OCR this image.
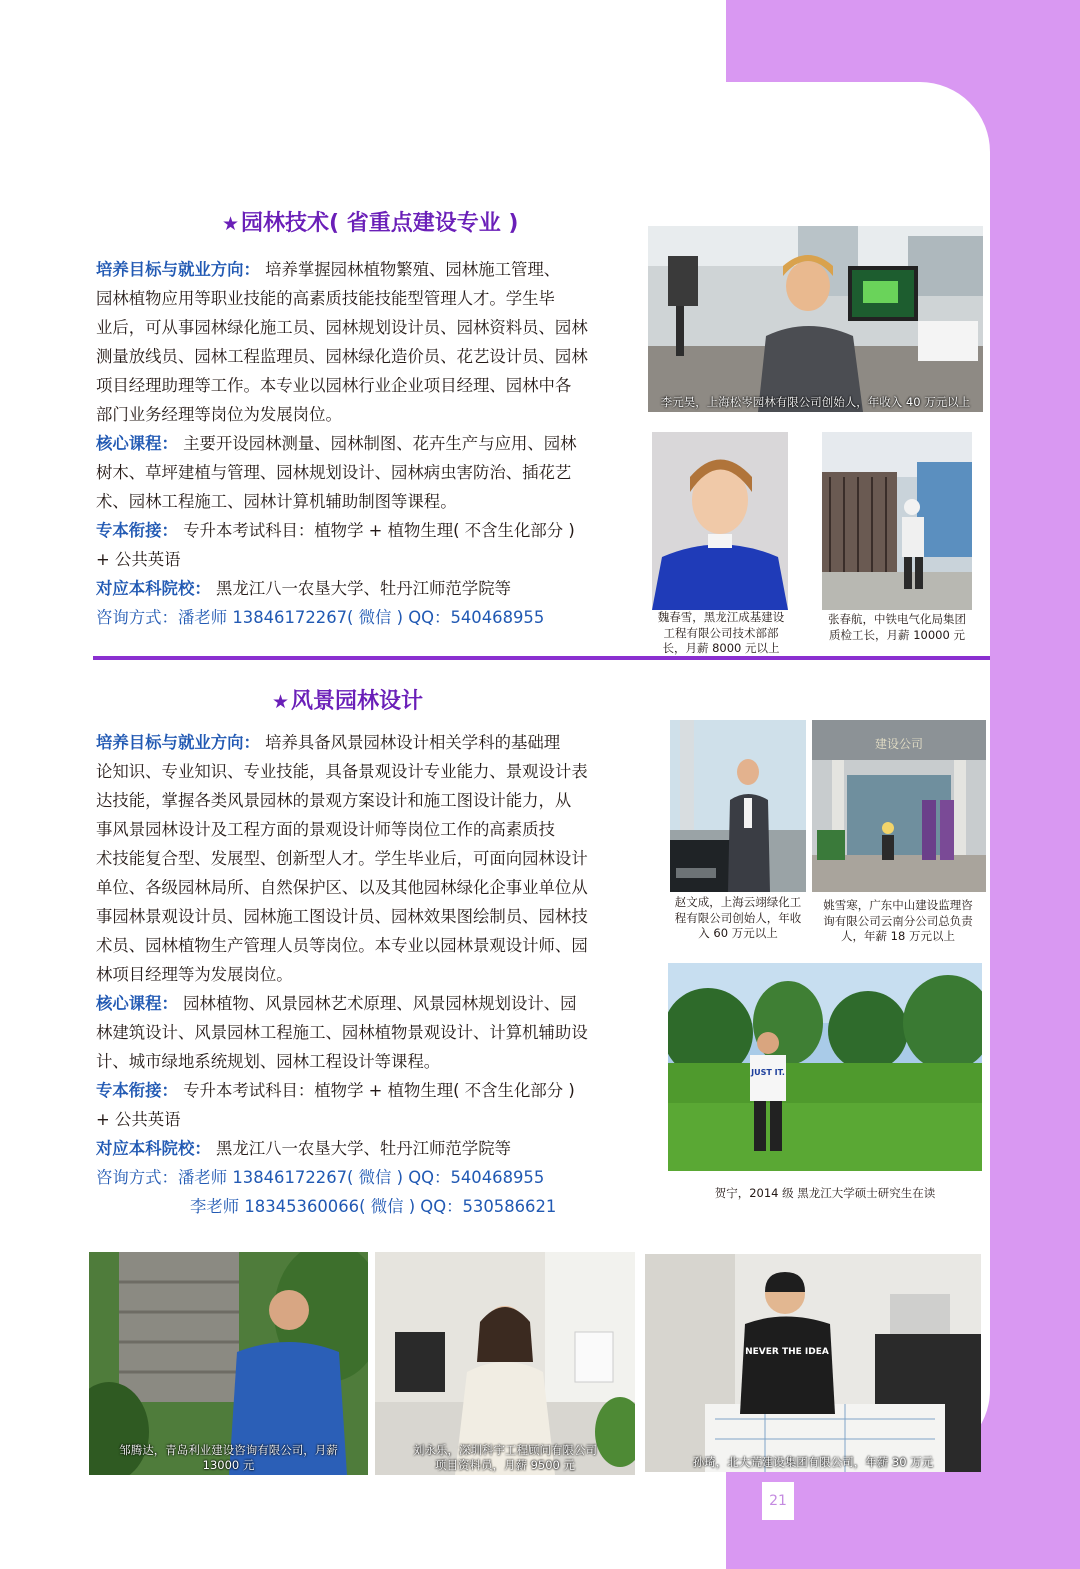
★园林技术( 省重点建设专业 )
培养目标与就业方向： 培养掌握园林植物繁殖、园林施工管理、
园林植物应用等职业技能的高素质技能技能型管理人才。学生毕
业后，可从事园林绿化施工员、园林规划设计员、园林资料员、园林
测量放线员、园林工程监理员、园林绿化造价员、花艺设计员、园林
项目经理助理等工作。本专业以园林行业企业项目经理、园林中各
部门业务经理等岗位为发展岗位。
核心课程： 主要开设园林测量、园林制图、花卉生产与应用、园林
树木、草坪建植与管理、园林规划设计、园林病虫害防治、插花艺
术、园林工程施工、园林计算机辅助制图等课程。
专本衔接： 专升本考试科目：植物学 + 植物生理( 不含生化部分 )
+ 公共英语
对应本科院校： 黑龙江八一农垦大学、牡丹江师范学院等
咨询方式：潘老师 13846172267( 微信 ) QQ：540468955
李元昊，上海松岑园林有限公司创始人，年收入 40 万元以上
魏春雪，黑龙江成基建设
工程有限公司技术部部
长，月薪 8000 元以上
张春航，中铁电气化局集团
质检工长，月薪 10000 元
★风景园林设计
培养目标与就业方向： 培养具备风景园林设计相关学科的基础理
论知识、专业知识、专业技能，具备景观设计专业能力、景观设计表
达技能，掌握各类风景园林的景观方案设计和施工图设计能力，从
事风景园林设计及工程方面的景观设计师等岗位工作的高素质技
术技能复合型、发展型、创新型人才。学生毕业后，可面向园林设计
单位、各级园林局所、自然保护区、以及其他园林绿化企事业单位从
事园林景观设计员、园林施工图设计员、园林效果图绘制员、园林技
术员、园林植物生产管理人员等岗位。本专业以园林景观设计师、园
林项目经理等为发展岗位。
核心课程： 园林植物、风景园林艺术原理、风景园林规划设计、园
林建筑设计、风景园林工程施工、园林植物景观设计、计算机辅助设
计、城市绿地系统规划、园林工程设计等课程。
专本衔接： 专升本考试科目：植物学 + 植物生理( 不含生化部分 )
+ 公共英语
对应本科院校： 黑龙江八一农垦大学、牡丹江师范学院等
咨询方式：潘老师 13846172267( 微信 ) QQ：540468955
李老师 18345360066( 微信 ) QQ：530586621
赵文成，上海云翊绿化工
程有限公司创始人，年收
入 60 万元以上
建设公司
姚雪寒，广东中山建设监理咨
询有限公司云南分公司总负责
人，年薪 18 万元以上
JUST IT.
贺宁，2014 级 黑龙江大学硕士研究生在读
邹腾达，青岛利业建设咨询有限公司，月薪
13000 元
刘永乐，深圳科宇工程顾问有限公司
项目资料员，月薪 9500 元
NEVER THE IDEA
孙琦，北大荒建设集团有限公司，年薪 30 万元
21
